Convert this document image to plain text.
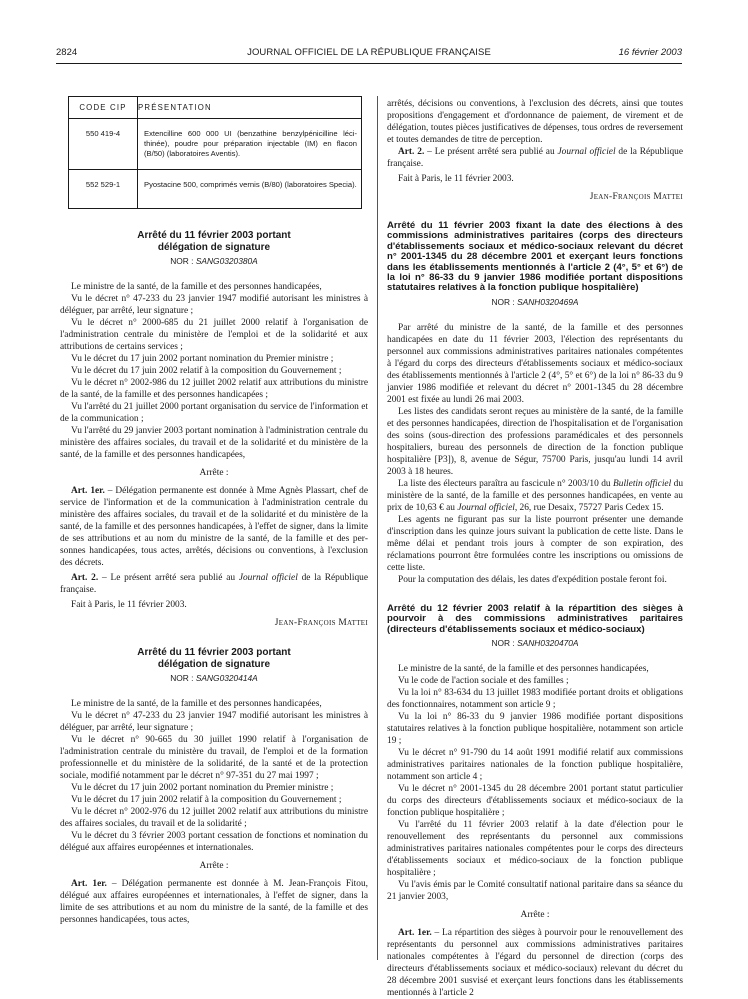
2824	JOURNAL OFFICIEL DE LA RÉPUBLIQUE FRANÇAISE	16 février 2003
CODE CIP	PRÉSENTATION
550 419-4	Extencilline 600 000 UI (benzathine benzylpénicilline lécithinée), poudre pour préparation injectable (IM) en flacon (B/50) (laboratoires Aventis).
552 529-1	Pyostacine 500, comprimés vernis (B/80) (laboratoires Specia).
Arrêté du 11 février 2003 portant délégation de signature
NOR : SANG0320380A

Le ministre de la santé, de la famille et des personnes handicapées,

Vu le décret n° 47-233 du 23 janvier 1947 modifié autorisant les ministres à déléguer, par arrêté, leur signature ;

Vu le décret n° 2000-685 du 21 juillet 2000 relatif à l'organisation de l'administration centrale du ministère de l'emploi et de la solidarité et aux attributions de certains services ;

Vu le décret du 17 juin 2002 portant nomination du Premier ministre ;

Vu le décret du 17 juin 2002 relatif à la composition du Gouvernement ;

Vu le décret n° 2002-986 du 12 juillet 2002 relatif aux attributions du ministre de la santé, de la famille et des personnes handicapées ;

Vu l'arrêté du 21 juillet 2000 portant organisation du service de l'information et de la communication ;

Vu l'arrêté du 29 janvier 2003 portant nomination à l'administration centrale du ministère des affaires sociales, du travail et de la solidarité et du ministère de la santé, de la famille et des personnes handicapées,

Arrête :

Art. 1er. – Délégation permanente est donnée à Mme Agnès Plassart, chef de service de l'information et de la communication à l'administration centrale du ministère des affaires sociales, du travail et de la solidarité et du ministère de la santé, de la famille et des personnes handicapées, à l'effet de signer, dans la limite de ses attributions et au nom du ministre de la santé, de la famille et des personnes handicapées, tous actes, arrêtés, décisions ou conventions, à l'exclusion des décrets.

Art. 2. – Le présent arrêté sera publié au Journal officiel de la République française.

Fait à Paris, le 11 février 2003.

Jean-François Mattei

Arrêté du 11 février 2003 portant délégation de signature
NOR : SANG0320414A

Le ministre de la santé, de la famille et des personnes handicapées,

Vu le décret n° 47-233 du 23 janvier 1947 modifié autorisant les ministres à déléguer, par arrêté, leur signature ;

Vu le décret n° 90-665 du 30 juillet 1990 relatif à l'organisation de l'administration centrale du ministère du travail, de l'emploi et de la formation professionnelle et du ministère de la solidarité, de la santé et de la protection sociale, modifié notamment par le décret n° 97-351 du 27 mai 1997 ;

Vu le décret du 17 juin 2002 portant nomination du Premier ministre ;

Vu le décret du 17 juin 2002 relatif à la composition du Gouvernement ;

Vu le décret n° 2002-976 du 12 juillet 2002 relatif aux attributions du ministre des affaires sociales, du travail et de la solidarité ;

Vu le décret du 3 février 2003 portant cessation de fonctions et nomination du délégué aux affaires européennes et internationales.

Arrête :

Art. 1er. – Délégation permanente est donnée à M. Jean-François Fitou, délégué aux affaires européennes et internationales, à l'effet de signer, dans la limite de ses attributions et au nom du ministre de la santé, de la famille et des personnes handicapées, tous actes,

arrêtés, décisions ou conventions, à l'exclusion des décrets, ainsi que toutes propositions d'engagement et d'ordonnance de paiement, de virement et de délégation, toutes pièces justificatives de dépenses, tous ordres de reversement et toutes demandes de titre de perception.

Art. 2. – Le présent arrêté sera publié au Journal officiel de la République française.

Fait à Paris, le 11 février 2003.

Jean-François Mattei

Arrêté du 11 février 2003 fixant la date des élections à des commissions administratives paritaires (corps des directeurs d'établissements sociaux et médico-sociaux relevant du décret n° 2001-1345 du 28 décembre 2001 et exerçant leurs fonctions dans les établissements mentionnés à l'article 2 (4°, 5° et 6°) de la loi n° 86-33 du 9 janvier 1986 modifiée portant dispositions statutaires relatives à la fonction publique hospitalière)
NOR : SANH0320469A

Par arrêté du ministre de la santé, de la famille et des personnes handicapées en date du 11 février 2003, l'élection des représentants du personnel aux commissions administratives paritaires nationales compétentes à l'égard du corps des directeurs d'établissements sociaux et médico-sociaux des établissements mentionnés à l'article 2 (4°, 5° et 6°) de la loi n° 86-33 du 9 janvier 1986 modifiée et relevant du décret n° 2001-1345 du 28 décembre 2001 est fixée au lundi 26 mai 2003.

Les listes des candidats seront reçues au ministère de la santé, de la famille et des personnes handicapées, direction de l'hospitalisation et de l'organisation des soins (sous-direction des professions paramédicales et des personnels hospitaliers, bureau des personnels de direction de la fonction publique hospitalière [P3]), 8, avenue de Ségur, 75700 Paris, jusqu'au lundi 14 avril 2003 à 18 heures.

La liste des électeurs paraîtra au fascicule n° 2003/10 du Bulletin officiel du ministère de la santé, de la famille et des personnes handicapées, en vente au prix de 10,63 € au Journal officiel, 26, rue Desaix, 75727 Paris Cedex 15.

Les agents ne figurant pas sur la liste pourront présenter une demande d'inscription dans les quinze jours suivant la publication de cette liste. Dans le même délai et pendant trois jours à compter de son expiration, des réclamations pourront être formulées contre les inscriptions ou omissions de cette liste.

Pour la computation des délais, les dates d'expédition postale feront foi.

Arrêté du 12 février 2003 relatif à la répartition des sièges à pourvoir à des commissions administratives paritaires (directeurs d'établissements sociaux et médico-sociaux)
NOR : SANH0320470A

Le ministre de la santé, de la famille et des personnes handicapées,

Vu le code de l'action sociale et des familles ;

Vu la loi n° 83-634 du 13 juillet 1983 modifiée portant droits et obligations des fonctionnaires, notamment son article 9 ;

Vu la loi n° 86-33 du 9 janvier 1986 modifiée portant dispositions statutaires relatives à la fonction publique hospitalière, notamment son article 19 ;

Vu le décret n° 91-790 du 14 août 1991 modifié relatif aux commissions administratives paritaires nationales de la fonction publique hospitalière, notamment son article 4 ;

Vu le décret n° 2001-1345 du 28 décembre 2001 portant statut particulier du corps des directeurs d'établissements sociaux et médico-sociaux de la fonction publique hospitalière ;

Vu l'arrêté du 11 février 2003 relatif à la date d'élection pour le renouvellement des représentants du personnel aux commissions administratives paritaires nationales compétentes pour le corps des directeurs d'établissements sociaux et médico-sociaux de la fonction publique hospitalière ;

Vu l'avis émis par le Comité consultatif national paritaire dans sa séance du 21 janvier 2003,

Arrête :

Art. 1er. – La répartition des sièges à pourvoir pour le renouvellement des représentants du personnel aux commissions administratives paritaires nationales compétentes à l'égard du personnel de direction (corps des directeurs d'établissements sociaux et médico-sociaux) relevant du décret du 28 décembre 2001 susvisé et exerçant leurs fonctions dans les établissements mentionnés à l'article 2
